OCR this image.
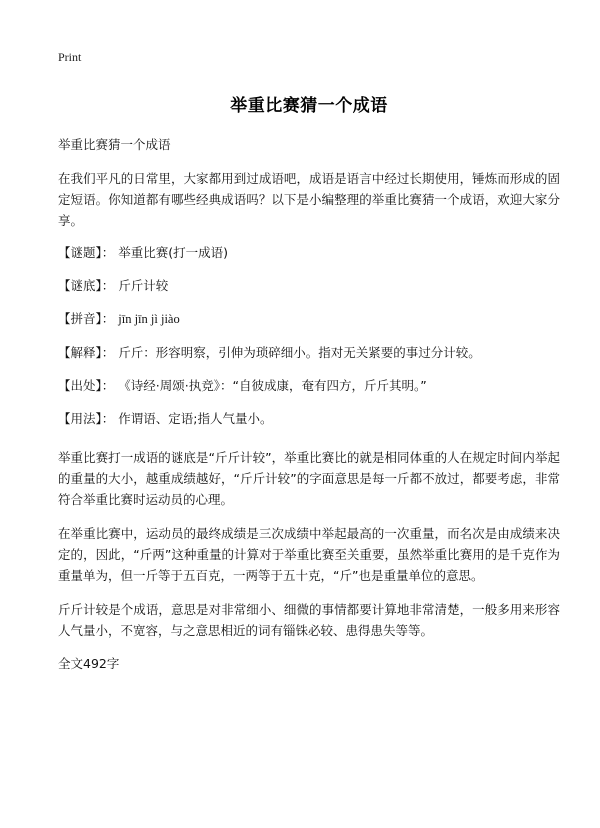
Print
举重比赛猜一个成语
举重比赛猜一个成语

在我们平凡的日常里，大家都用到过成语吧，成语是语言中经过长期使用，锤炼而形成的固定短语。你知道都有哪些经典成语吗？以下是小编整理的举重比赛猜一个成语，欢迎大家分享。

【谜题】： 举重比赛(打一成语)
【谜底】： 斤斤计较
【拼音】： jīn jīn jì jiào
【解释】： 斤斤：形容明察，引伸为琐碎细小。指对无关紧要的事过分计较。
【出处】： 《诗经·周颂·执竞》：“自彼成康，奄有四方，斤斤其明。”
【用法】： 作谓语、定语;指人气量小。

举重比赛打一成语的谜底是“斤斤计较”，举重比赛比的就是相同体重的人在规定时间内举起的重量的大小，越重成绩越好，“斤斤计较”的字面意思是每一斤都不放过，都要考虑，非常符合举重比赛时运动员的心理。

在举重比赛中，运动员的最终成绩是三次成绩中举起最高的一次重量，而名次是由成绩来决定的，因此，“斤两”这种重量的计算对于举重比赛至关重要，虽然举重比赛用的是千克作为重量单为，但一斤等于五百克，一两等于五十克，“斤”也是重量单位的意思。

斤斤计较是个成语，意思是对非常细小、细微的事情都要计算地非常清楚，一般多用来形容人气量小，不宽容，与之意思相近的词有锱铢必较、患得患失等等。

全文492字
